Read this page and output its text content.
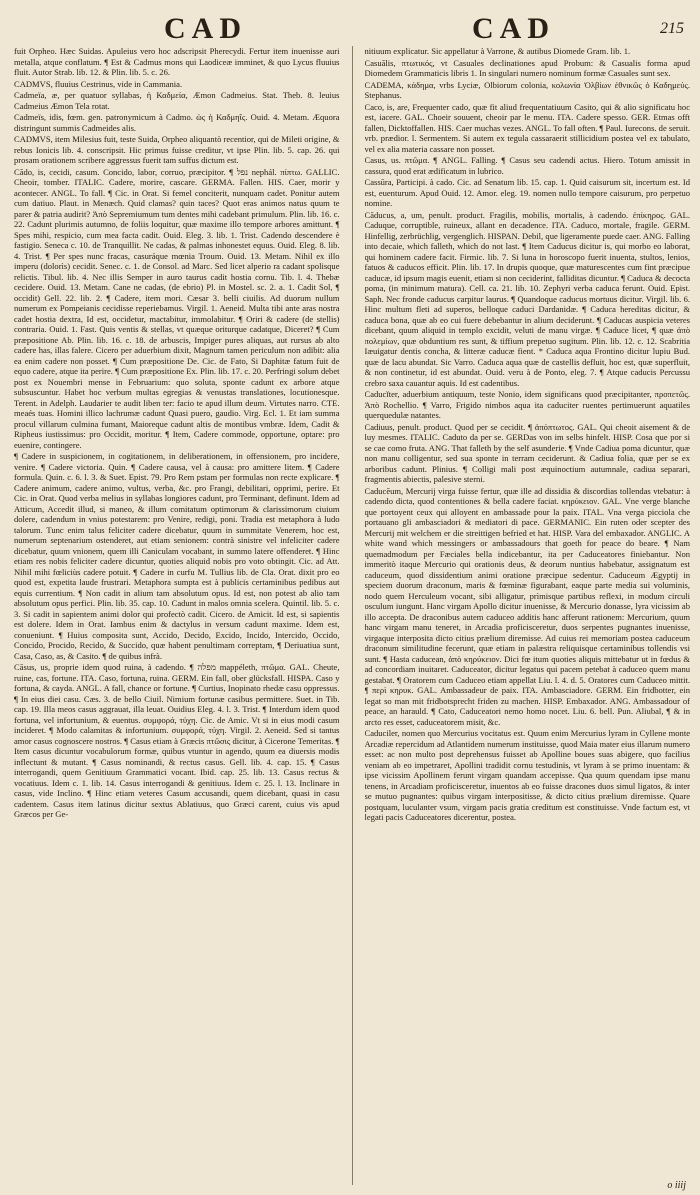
CAD	CAD	215

fuit Orpheo. Hæc Suidas. Apuleius vero hoc adscripsit Pherecydi. Fertur item inuenisse auri metalla, atque conflatum. ¶ Est & Cadmus mons qui Laodiceæ imminet, & quo Lycus fluuius fluit. Autor Strab. lib. 12. & Plin. lib. 5. c. 26.

CADMVS, fluuius Cestrinus, vide in Cammania.

Cadmeïa, æ, per quatuor syllabas, ἡ Καδμεία, Æmon Cadmeius. Stat. Theb. 8. leuius Cadmeius Æmon Tela rotat.

Cadmeïs, idis, fœm. gen. patronymicum à Cadmo. ὡς ἡ Καδμηΐς. Ouid. 4. Metam. Æquora distringunt summis Cadmeides alis.

CADMVS, item Milesius fuit, teste Suida, Orpheo aliquantò recentior, qui de Mileti origine, & rebus Ionicis lib. 4. conscripsit. Hic primus fuisse creditur, vt ipse Plin. lib. 5. cap. 26. qui prosam orationem scribere aggressus fuerit tam suffus dictum est.

Cădo, is, cecidi, casum. Concido, labor, corruo, præcipitor. ¶ נפל nephál. πίπτω. GALLIC. Cheoir, tomber. ITALIC. Cadere, morire, cascare. GERMA. Fallen. HIS. Caer, morir y acontecer. ANGL. To fall. ¶ Cic. in Orat. Si femel conciterit, nunquam cadet. Ponitur autem cum datiuo. Plaut. in Menæch. Quid clamas? quin taces? Quot eras animos natus quum te parer & patria audirit? Ἀπὸ Sepremiumum tum dentes mihi cadebant primulum. Plin. lib. 16. c. 22. Cadunt plurimis autumno, de foliis loquitur, quæ maxime illo tempore arbores amittunt. ¶ Spes mihi, respicio, cum mea facta cadit. Ouid. Eleg. 3. lib. 1. Trist. Cadendo descendere è fastigio. Seneca c. 10. de Tranquillit. Ne cadas, & palmas inhonestet equus. Ouid. Eleg. 8. lib. 4. Trist. ¶ Per spes nunc fracas, casuráque mœnia Troum. Ouid. 13. Metam. Nihil ex illo imperu (dolorìs) cecidit. Senec. c. 1. de Consol. ad Marc. Sed licet alperio ra cadant spolisque relictis. Tibul. lib. 4. Nec illis Semper in auro taurus cadit hostia cornu. Tib. l. 4. Thebæ cecidere. Ouid. 13. Metam. Cane ne cadas, (de ebrio) Pl. in Mostel. sc. 2. a. 1. Cadit Sol, ¶ occidit) Gell. 22. lib. 2. ¶ Cadere, item mori. Cæsar 3. belli ciuilis. Ad duorum nullum numerum ex Pompeianis cecidisse reperiebamus. Virgil. 1. Aeneid. Multa tibi ante aras nostra cadet hostia dextra, Id est, occidetur, mactabitur, immolabitur. ¶ Oriri & cadere (de stellis) contraria. Ouid. 1. Fast. Quis ventis & stellas, vt quæque oriturque cadatque, Diceret? ¶ Cum præpositione Ab. Plin. lib. 16. c. 18. de arbuscis, Impiger pures aliquas, aut rursus ab alto cadere has, illas falere. Cicero per aduerbium dixit, Magnum tamen periculum non adibit: alia ea enim cadere non posset. ¶ Cum præpositione De. Cic. de Fato, Si Daphitæ fatum fuit de equo cadere, atque ita perire. ¶ Cum præpositione Ex. Plin. lib. 17. c. 20. Perfringi solum debet post ex Nouembri mense in Februarium: quo soluta, sponte cadunt ex arbore atque subsuscuntur. Habet hoc verbum multas egregias & venustas translationes, locutionesque. Terent. in Adelph. Laudarier te audit liben ter: facio te apud illum deum. Virtutes narro. CTE. meaés tuas. Homini illico lachrumæ cadunt Quasi puero, gaudio. Virg. Ecl. 1. Et iam summa procul villarum culmina fumant, Maioreque cadunt altis de montibus vmbræ. Idem, Cadit & Ripheus iustissimus: pro Occidit, moritur. ¶ Item, Cadere commode, opportune, optare: pro euenire, contingere.

¶ Cadere in suspicionem, in cogitationem, in deliberationem, in offensionem, pro incidere, venire. ¶ Cadere victoria. Quin. ¶ Cadere causa, vel à causa: pro amittere litem. ¶ Cadere formula. Quin. c. 6. l. 3. & Suet. Epist. 79. Pro Rem pstam per formulas non recte explicare. ¶ Cadere animum, cadere animo, vultus, verba, &c. pro Frangi, debilitari, opprimi, perire. Et Cic. in Orat. Quod verba melius in syllabas longiores cadunt, pro Terminant, definunt. Idem ad Atticum, Accedit illud, si maneo, & illum comitatum optimorum & clarissimorum ciuium dolere, cadendum in vnius potestarem: pro Venire, redigi, poni. Tradia est metaphora à ludo talorum. Tunc enim talus feliciter cadere dicebatur, quum in summitate Venerem, hoc est, numerum septenarium ostenderet, aut etiam senionem: contrà sinistre vel infeliciter cadere dicebatur, quum vnionem, quem illi Caniculam vocabant, in summo latere offenderet. ¶ Hinc etiam res nobis feliciter cadere dicuntur, quoties aliquid nobis pro voto obtingit. Cic. ad Att. Nihil mihi fœliciùs cadere potuit. ¶ Cadere in curfu M. Tullius lib. de Cla. Orat. dixit pro eo quod est, expetita laude frustrari. Metaphora sumpta est à publicis certaminibus pedibus aut equis currentium. ¶ Non cadit in alium tam absolutum opus. Id est, non potest ab alio tam absolutum opus perfici. Plin. lib. 35. cap. 10. Cadunt in malos omnia scelera. Quintil. lib. 5. c. 3. Si cadit in sapientem animi dolor qui profectò cadit. Cicero. de Amicit. Id est, si sapientis est dolere. Idem in Orat. Iambus enim & dactylus in versum cadunt maxime. Idem est, conueniunt. ¶ Huius composita sunt, Accido, Decido, Excido, Incido, Intercido, Occido, Concido, Procido, Recido, & Succido, quæ habent penultimam correptam, ¶ Deriuatiua sunt, Casa, Caso, as, & Casito. ¶ de quibus infrà.

Cāsus, us, proprie idem quod ruina, à cadendo. ¶ מפלה mappéleth, πτῶμα. GAL. Cheute, ruine, cas, fortune. ITA. Caso, fortuna, ruina. GERM. Ein fall, ober glücksfall. HISPA. Caso y fortuna, & cayda. ANGL. A fall, chance or fortune. ¶ Curtius, Inopinato rhedæ casu oppressus. ¶ In eius diei casu. Cæs. 3. de bello Ciuil. Nimium fortunæ casibus permittere. Suet. in Tib. cap. 19. Illa meos casus aggrauat, illa leuat. Ouidius Eleg. 4. l. 3. Trist. ¶ Interdum idem quod fortuna, vel infortunium, & euentus. συμφορά, τύχη. Cic. de Amic. Vt si in eius modi casum incideret. ¶ Modo calamitas & infortunium. συμφορά, τύχη. Virgil. 2. Aeneid. Sed si tantus amor casus cognoscere nostros. ¶ Casus etiam à Græcis πτῶσις dicitur, à Cicerone Temeritas. ¶ Item casus dicuntur vocabulorum formæ, quibus vtuntur in agendo, quum ea diuersis modis inflectunt & mutant. ¶ Casus nominandi, & rectus casus. Gell. lib. 4. cap. 15. ¶ Casus interrogandi, quem Genitiuum Grammatici vocant. Ibid. cap. 25. lib. 13. Casus rectus & vocatiuus. Idem c. 1. lib. 14. Casus interrogandi & genitiuus. Idem c. 25. l. 13. Inclinare in casus, vide Inclino. ¶ Hinc etiam veteres Casum accusandi, quem dicebant, quasi in casu cadentem. Casus item latinus dicitur sextus Ablatiuus, quo Græci carent, cuius vis apud Græcos per Ge-

nitiuum explicatur. Sic appellatur à Varrone, & autibus Diomede Gram. lib. 1.

Casuālis, πτωτικός, vt Casuales declinationes apud Probum: & Casualis forma apud Diomedem Grammaticis libris 1. In singulari numero nominum formæ Casuales sunt sex.

CADEMA, κάδημα, vrbs Lyciæ, Olbiorum colonia, κολωνία Ὀλβίων ἐθνικῶς ὁ Καδημεύς. Stephanus.

Caco, is, are, Frequenter cado, quæ fit aliud frequentatiuum Casito, qui & alio significatu hoc est, iacere. GAL. Choeir souuent, cheoir par le menu. ITA. Cadere spesso. GER. Etmas offt fallen, Dicktoffallen. HIS. Caer muchas vezes. ANGL. To fall often. ¶ Paul. Iurecons. de seruit. vrb. prædior. l. Sermentem. Si autem ex tegula cassaraerit stillicidium postea vel ex tabulato, vel ex alia materia cassare non posset.

Casus, us. πτῶμα. ¶ ANGL. Falling. ¶ Casus seu cadendi actus. Hiero. Totum amissit in cassura, quod erat ædificatum in lubrico.

Cassūra, Participi. à cado. Cic. ad Senatum lib. 15. cap. 1. Quid caisurum sit, incertum est. Id est, euenturum. Apud Ouid. 12. Amor. eleg. 19. nomen nullo tempore caisurum, pro perpetuo nomine.

Căducus, a, um, penult. product. Fragilis, mobilis, mortalis, à cadendo. ἐπίκηρος. GAL. Caduque, corruptible, ruineux, allant en decadence. ITA. Caduco, mortale, fragile. GERM. Hinfellig, zerbrüchlig, vergenglich. HISPAN. Debil, que ligeramente puede caer. ANG. Falling into decaie, which falleth, which do not last. ¶ Item Caducus dicitur is, qui morbo eo laborat, qui hominem cadere facit. Firmic. lib. 7. Si luna in horoscopo fuerit inuenta, stultos, lenios, fatuos & caducos efficit. Plin. lib. 17. In drupis quoque, quæ maturescentes cum fint præcipue caducæ, id ipsum magis euenit, etiam si non ceciderint, falliditas dicuntur. ¶ Caduca & decocta poma, (in minimum matura). Cell. ca. 21. lib. 10. Zephyri verba caduca ferunt. Ouid. Epist. Saph. Nec fronde caducus carpitur laurus. ¶ Quandoque caducus mortuus dicitur. Virgil. lib. 6. Hinc multum fleti ad superos, belloque caduci Dardanidæ. ¶ Caduca hereditas dicitur, & caduca bona, quæ ab eo cui fuere debebantur in alium deciderunt. ¶ Caducas auspicia veteres dicebant, quum aliquid in templo excidit, veluti de manu virgæ. ¶ Caduce licet, ¶ quæ ἀπὸ πολεμίων, quæ obduntium res sunt, & tiffium prepetuo sugitum. Plin. lib. 12. c. 12. Scabritia Iæuigatur dentis concha, & litteræ caducæ fient. * Caduca aqua Frontino dicitur lupiu Bud. quæ de lacu abundat. Sic Varro. Caduca aqua quæ de castellis defluit, hoc est, quæ superfluit, & non continetur, id est abundat. Ouid. veru à de Ponto, eleg. 7. ¶ Atque caducis Percussu crebro saxa cauantur aquis. Id est cadentibus.

Caducĭter, aduerbium antiquum, teste Nonio, idem significans quod præcipitanter, προπετῶς. Ἀπὸ Rochellio. ¶ Varro, Frigido nimbos aqua ita caduciter ruentes pertimuerunt aquatiles querquedulæ natantes.

Cadiuus, penult. product. Quod per se cecidit. ¶ ἀπόπτωτος. GAL. Qui cheoit aisement & de luy mesmes. ITALIC. Caduto da per se. GERDas von im selbs hinfelt. HISP. Cosa que por si se cae como fruta. ANG. That falleth by the self asunderie. ¶ Vnde Cadiua poma dicuntur, quæ non manu colligentur, sed sua sponte in terram ceciderunt. & Cadiua folia, quæ per se ex arboribus cadunt. Plinius. ¶ Colligi mali post æquinoctium autumnale, cadiua separari, fragmentis abiectis, palesive sterni.

Caducĕum, Mercurij virga fuisse fertur, quæ ille ad dissidia & discordias tollendas vtebatur: à cadendo dicta, quod contentiones & bella cadere faciat. κηρύκειον. GAL. Vne verge blanche que portoyent ceux qui alloyent en ambassade pour la paix. ITAL. Vna verga picciola che portauano gli ambasciadori & mediatori di pace. GERMANIC. Ein ruten oder scepter des Mercurij mit welchem er die streittigen befried et hat. HISP. Vara del embaxador. ANGLIC. A white wand which messingers or ambassadours that goeth for peace do beare. ¶ Nam quemadmodum per Fæciales bella indicebantur, ita per Caduceatores finiebantur. Non immeritò itaque Mercurio qui orationis deus, & deorum nuntius habebatur, assignatum est caduceum, quod dissidentium animi oratione præcipue sedentur. Caduceum Ægyptij in speciem duorum draconum, maris & fœminæ figurabant, eaque parte media sui voluminis, nodo quem Herculeum vocant, sibi alligatur, prìmisque partibus reflexi, in modum circuli osculum iungunt. Hanc virgam Apollo dicitur inuenisse, & Mercurio donasse, lyra vicissim ab illo accepta. De draconibus autem caduceo additis hanc afferunt rationem: Mercurium, quum hanc virgam manu teneret, in Arcadia proficisceretur, duos serpentes pugnantes inuenisse, virgaque interposita dicto citius prælium diremisse. Ad cuius rei memoriam postea caduceum draconum similitudine fecerunt, quæ etiam in palæstra reliquisque certaminibus tollendis vsi sunt. ¶ Hasta caducean, ἀπὸ κηρύκειον. Dici fœ itum quoties aliquis mittebatur ut in fœdus & ad concordiam inuitaret. Caduceator, dicitur legatus qui pacem petebat à caduceo quem manu gestabat. ¶ Oratorem cum Caduceo etiam appellat Liu. l. 4. d. 5. Oratores cum Caduceo mittit. ¶ περὶ κηρυκ. GAL. Ambassadeur de paix. ITA. Ambasciadore. GERM. Ein fridbotter, ein legat so man mit fridbotsprecht friden zu machen. HISP. Embaxador. ANG. Ambassadour of peace, an harauld. ¶ Cato, Caduceatori nemo homo nocet. Liu. 6. bell. Pun. Aliubal, ¶ & in arcto res esset, caduceatorem misit, &c.

Caduciler, nomen quo Mercurius vocitatus est. Quum enim Mercurius lyram in Cyllene monte Arcadiæ repercidum ad Atlantidem numerum instituisse, quod Maia mater eius illarum numero esset: ac non multo post deprehensus fuisset ab Apolline boues suas abigere, quo facilius veniam ab eo impetraret, Apollini tradidit cornu testudinis, vt lyram à se primo inuentam: & ipse vicissim Apollinem ferunt virgam quandam accepisse. Qua quum quendam ipse manu tenens, in Arcadiam proficisceretur, inuentos ab eo fuisse dracones duos simul ligatos, & inter se mutuo pugnantes: quibus virgam interpositisse, & dicto citius prælium diremisse. Quare postquam, luculanter vsum, virgam pacis gratia creditum est constituisse. Vnde factum est, vt legati pacis Caduceatores dicerentur, postea.

o iiij
